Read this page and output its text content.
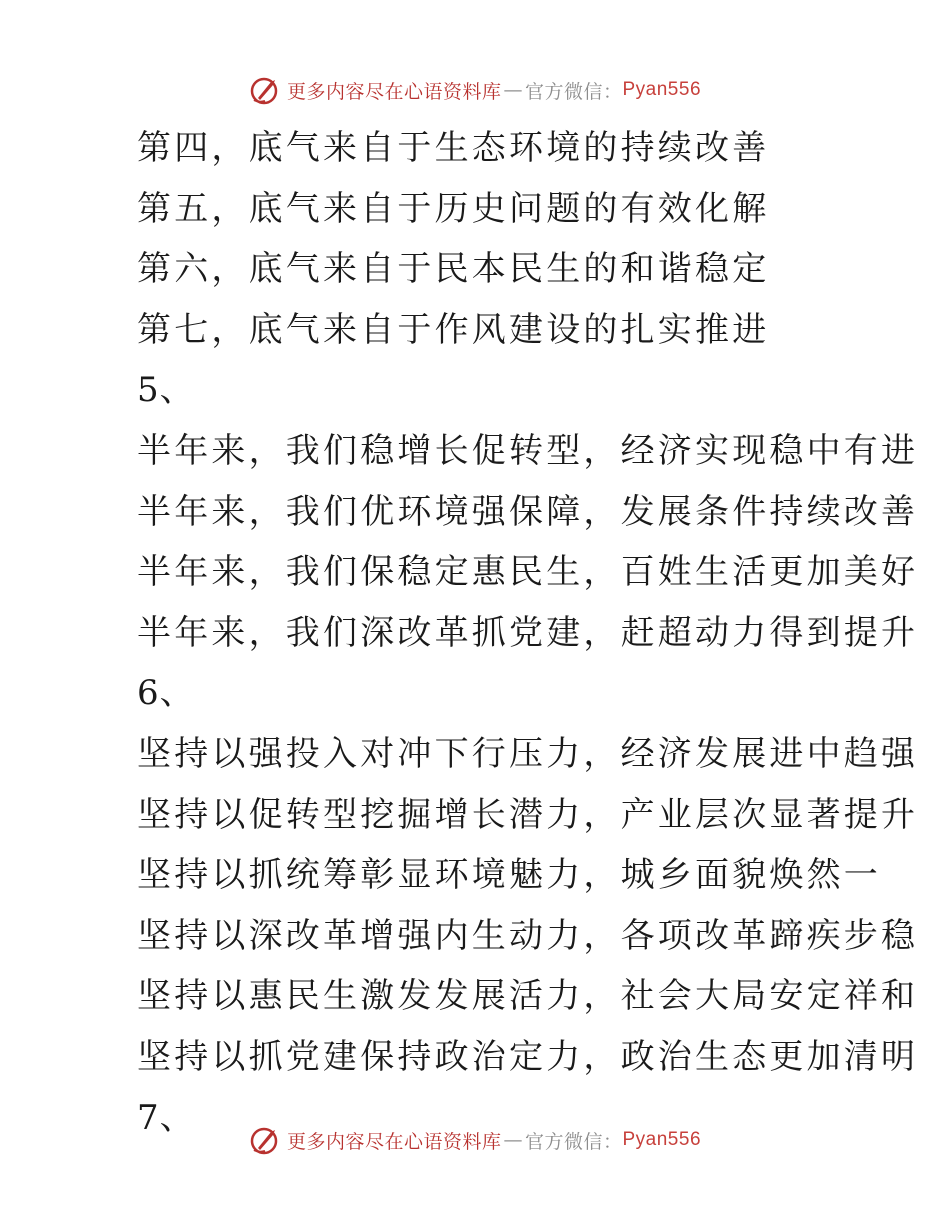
更多内容尽在心语资料库 — 官方微信： Pyan556
第四，底气来自于生态环境的持续改善
第五，底气来自于历史问题的有效化解
第六，底气来自于民本民生的和谐稳定
第七，底气来自于作风建设的扎实推进
5、
半年来，我们稳增长促转型，经济实现稳中有进
半年来，我们优环境强保障，发展条件持续改善
半年来，我们保稳定惠民生，百姓生活更加美好
半年来，我们深改革抓党建，赶超动力得到提升
6、
坚持以强投入对冲下行压力，经济发展进中趋强
坚持以促转型挖掘增长潜力，产业层次显著提升
坚持以抓统筹彰显环境魅力，城乡面貌焕然一
坚持以深改革增强内生动力，各项改革蹄疾步稳
坚持以惠民生激发发展活力，社会大局安定祥和
坚持以抓党建保持政治定力，政治生态更加清明
7、
更多内容尽在心语资料库 — 官方微信： Pyan556
